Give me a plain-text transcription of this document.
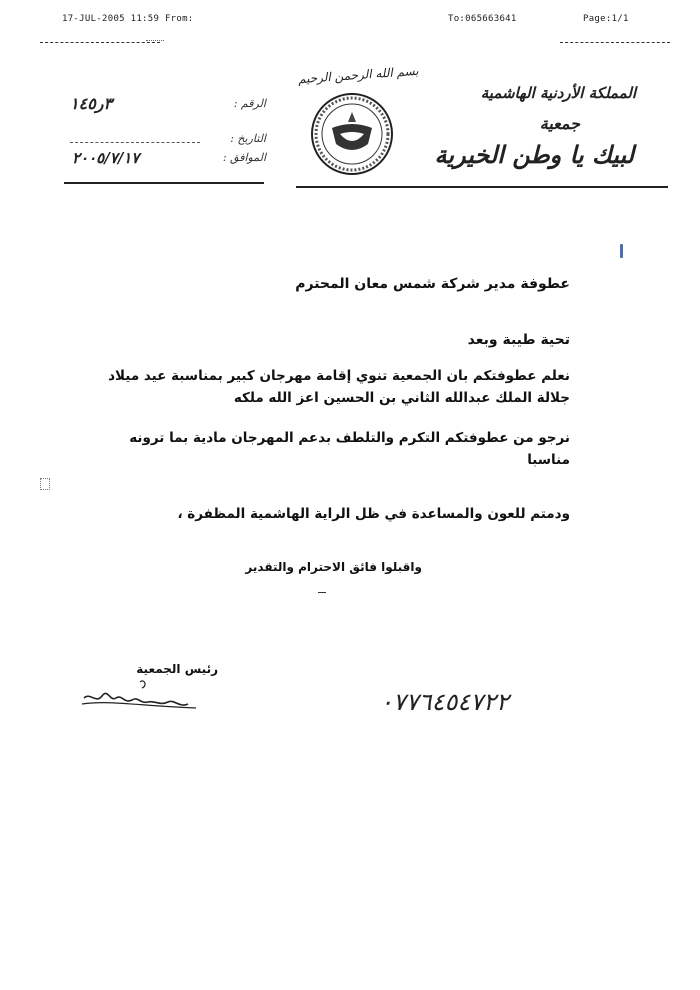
17-JUL-2005 11:59 From:	To:065663641	Page:1/1
المملكة الأردنية الهاشمية
جمعية
لبيك يا وطن الخيرية
بسم الله الرحمن الرحيم
٣ر١٤٥	الرقم :
التاريخ :
٢٠٠٥/٧/١٧	الموافق :
عطوفة مدير شركة شمس معان المحترم
تحية طيبة وبعد
نعلم عطوفتكم بان الجمعية تنوي إقامة مهرجان كبير بمناسبة عيد ميلاد
جلالة الملك عبدالله الثاني بن الحسين اعز الله ملكه
نرجو من عطوفتكم التكرم والتلطف بدعم المهرجان مادية بما ترونه
مناسبا
ودمتم للعون والمساعدة في ظل الراية الهاشمية المظفرة ،
واقبلوا فائق الاحترام والتقدير
رئيس الجمعية
٠٧٧٦٤٥٤٧٢٢
